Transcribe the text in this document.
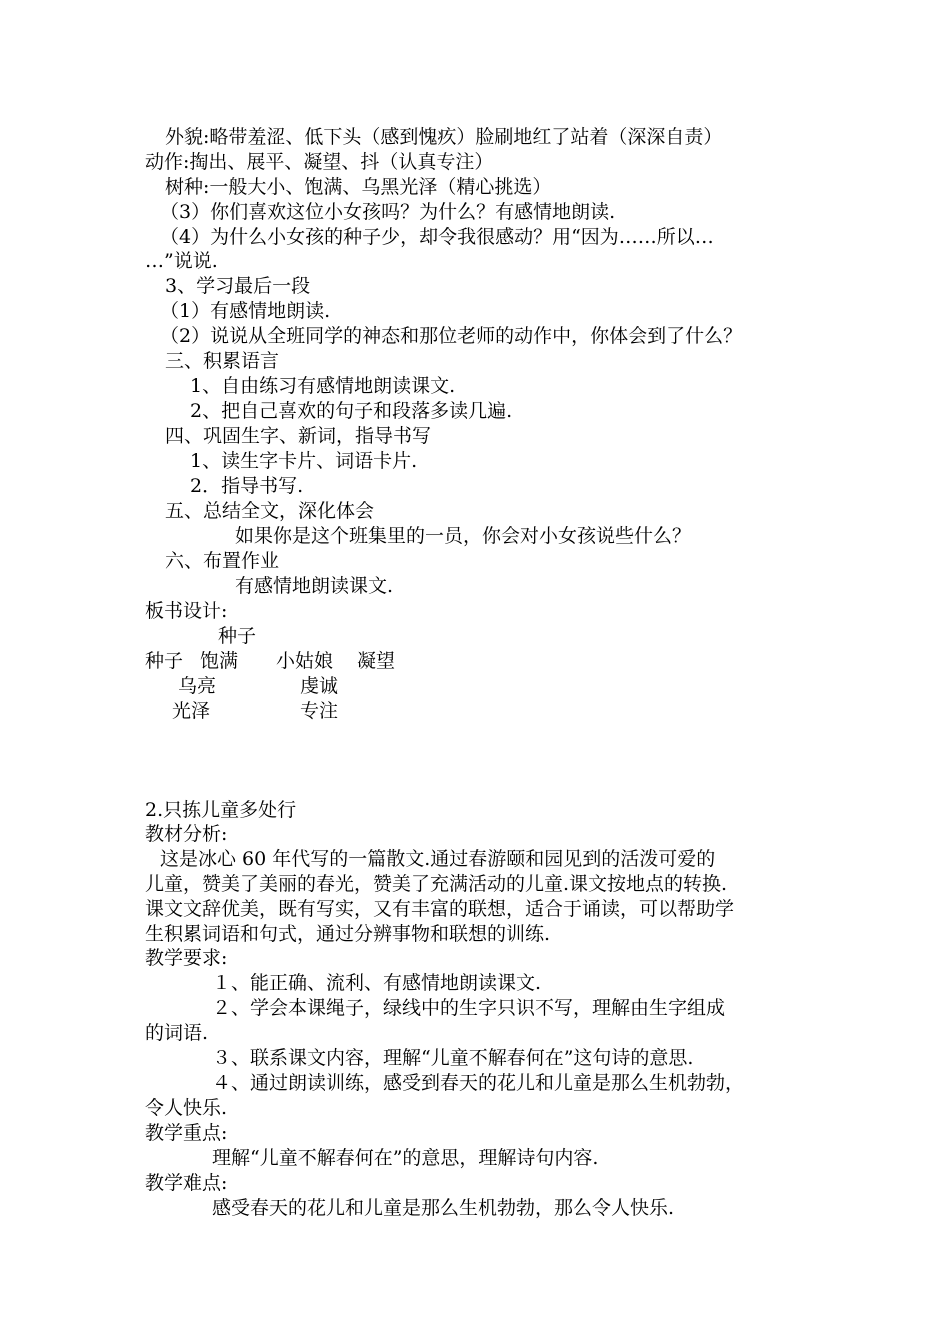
外貌:略带羞涩、低下头（感到愧疚）脸刷地红了站着（深深自责）
动作:掏出、展平、凝望、抖（认真专注）
树种:一般大小、饱满、乌黑光泽（精心挑选）
（3）你们喜欢这位小女孩吗？为什么？有感情地朗读.
（4）为什么小女孩的种子少，却令我很感动？用“因为……所以…
…”说说.
3、学习最后一段
（1）有感情地朗读.
（2）说说从全班同学的神态和那位老师的动作中，你体会到了什么？
三、积累语言
1、自由练习有感情地朗读课文.
2、把自己喜欢的句子和段落多读几遍.
四、巩固生字、新词，指导书写
1、读生字卡片、词语卡片.
2．指导书写.
五、总结全文，深化体会
如果你是这个班集里的一员，你会对小女孩说些什么？
六、布置作业
有感情地朗读课文.
板书设计:
种子
种子 饱满 小姑娘 凝望
乌亮	虔诚
光泽	专注
2.只拣儿童多处行
教材分析:
这是冰心 60 年代写的一篇散文.通过春游颐和园见到的活泼可爱的
儿童，赞美了美丽的春光，赞美了充满活动的儿童.课文按地点的转换.
课文文辞优美，既有写实，又有丰富的联想，适合于诵读，可以帮助学
生积累词语和句式，通过分辨事物和联想的训练.
教学要求:
１、能正确、流利、有感情地朗读课文.
２、学会本课绳子，绿线中的生字只识不写，理解由生字组成
的词语.
３、联系课文内容，理解“儿童不解春何在”这句诗的意思.
４、通过朗读训练，感受到春天的花儿和儿童是那么生机勃勃，
令人快乐.
教学重点:
理解“儿童不解春何在”的意思，理解诗句内容.
教学难点:
感受春天的花儿和儿童是那么生机勃勃，那么令人快乐.
